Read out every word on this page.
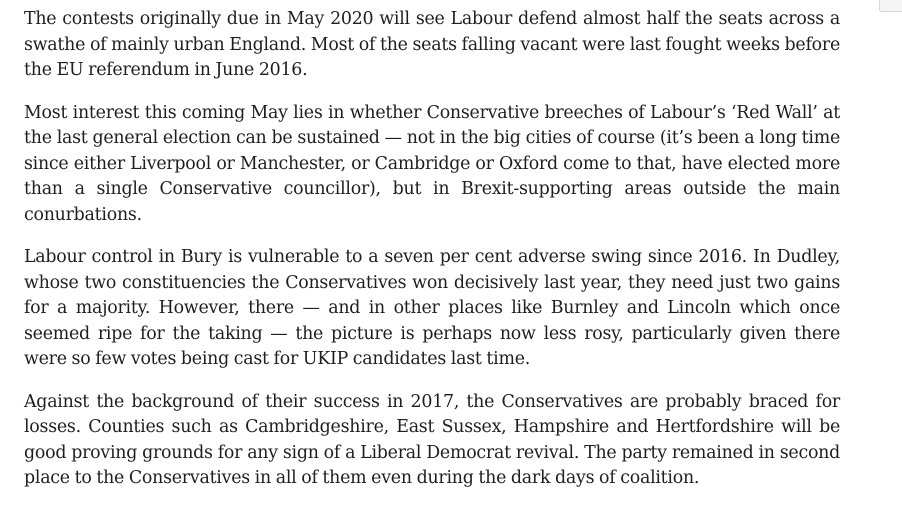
The contests originally due in May 2020 will see Labour defend almost half the seats across a swathe of mainly urban England. Most of the seats falling vacant were last fought weeks before the EU referendum in June 2016.

Most interest this coming May lies in whether Conservative breeches of Labour’s ‘Red Wall’ at the last general election can be sustained — not in the big cities of course (it’s been a long time since either Liverpool or Manchester, or Cambridge or Oxford come to that, have elected more than a single Conservative councillor), but in Brexit-supporting areas outside the main conurbations.

Labour control in Bury is vulnerable to a seven per cent adverse swing since 2016. In Dudley, whose two constituencies the Conservatives won decisively last year, they need just two gains for a majority. However, there — and in other places like Burnley and Lincoln which once seemed ripe for the taking — the picture is perhaps now less rosy, particularly given there were so few votes being cast for UKIP candidates last time.

Against the background of their success in 2017, the Conservatives are probably braced for losses. Counties such as Cambridgeshire, East Sussex, Hampshire and Hertfordshire will be good proving grounds for any sign of a Liberal Democrat revival. The party remained in second place to the Conservatives in all of them even during the dark days of coalition.
